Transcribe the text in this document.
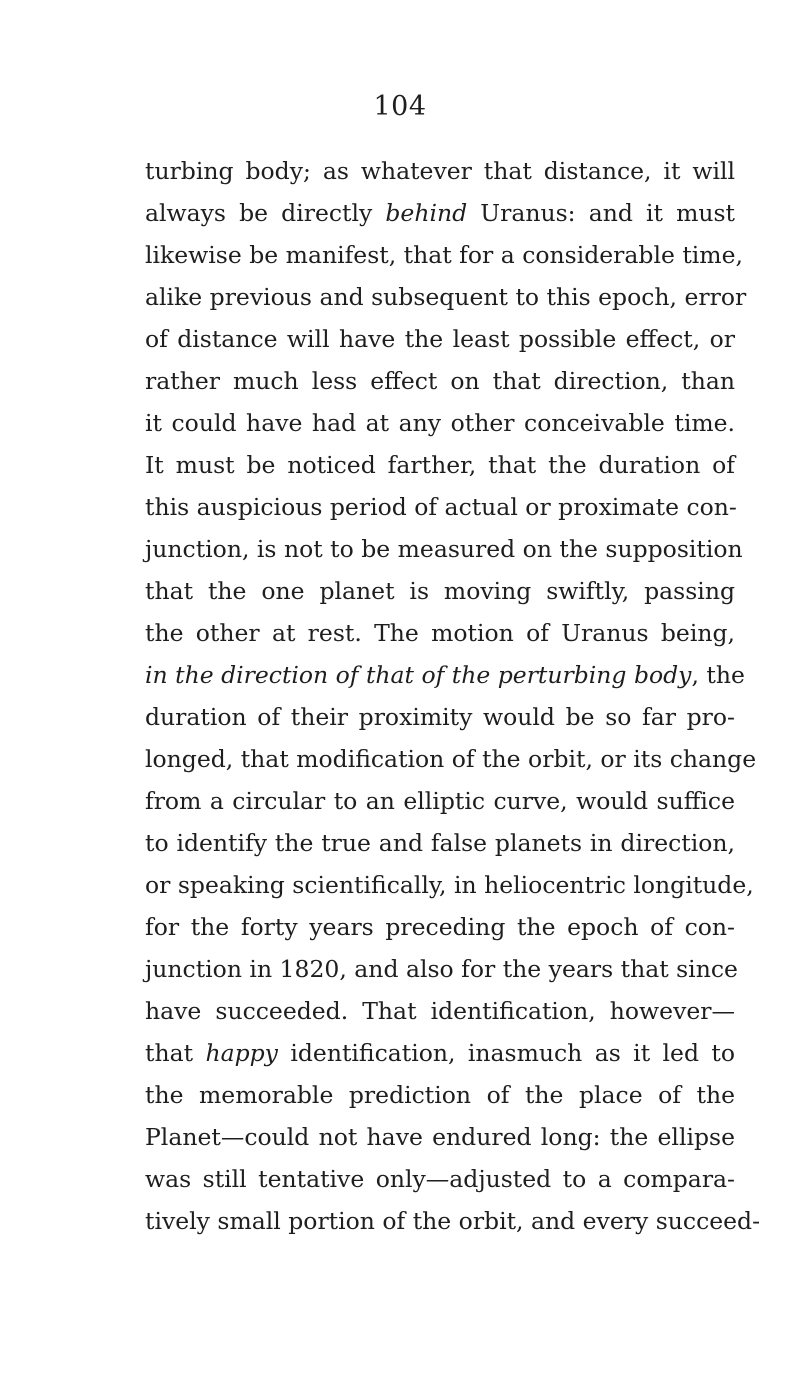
104
turbing body; as whatever that distance, it will
always be directly behind Uranus: and it must
likewise be manifest, that for a considerable time,
alike previous and subsequent to this epoch, error
of distance will have the least possible effect, or
rather much less effect on that direction, than
it could have had at any other conceivable time.
It must be noticed farther, that the duration of
this auspicious period of actual or proximate con-
junction, is not to be measured on the supposition
that the one planet is moving swiftly, passing
the other at rest. The motion of Uranus being,
in the direction of that of the perturbing body, the
duration of their proximity would be so far pro-
longed, that modification of the orbit, or its change
from a circular to an elliptic curve, would suffice
to identify the true and false planets in direction,
or speaking scientifically, in heliocentric longitude,
for the forty years preceding the epoch of con-
junction in 1820, and also for the years that since
have succeeded. That identification, however—
that happy identification, inasmuch as it led to
the memorable prediction of the place of the
Planet—could not have endured long: the ellipse
was still tentative only—adjusted to a compara-
tively small portion of the orbit, and every succeed-
